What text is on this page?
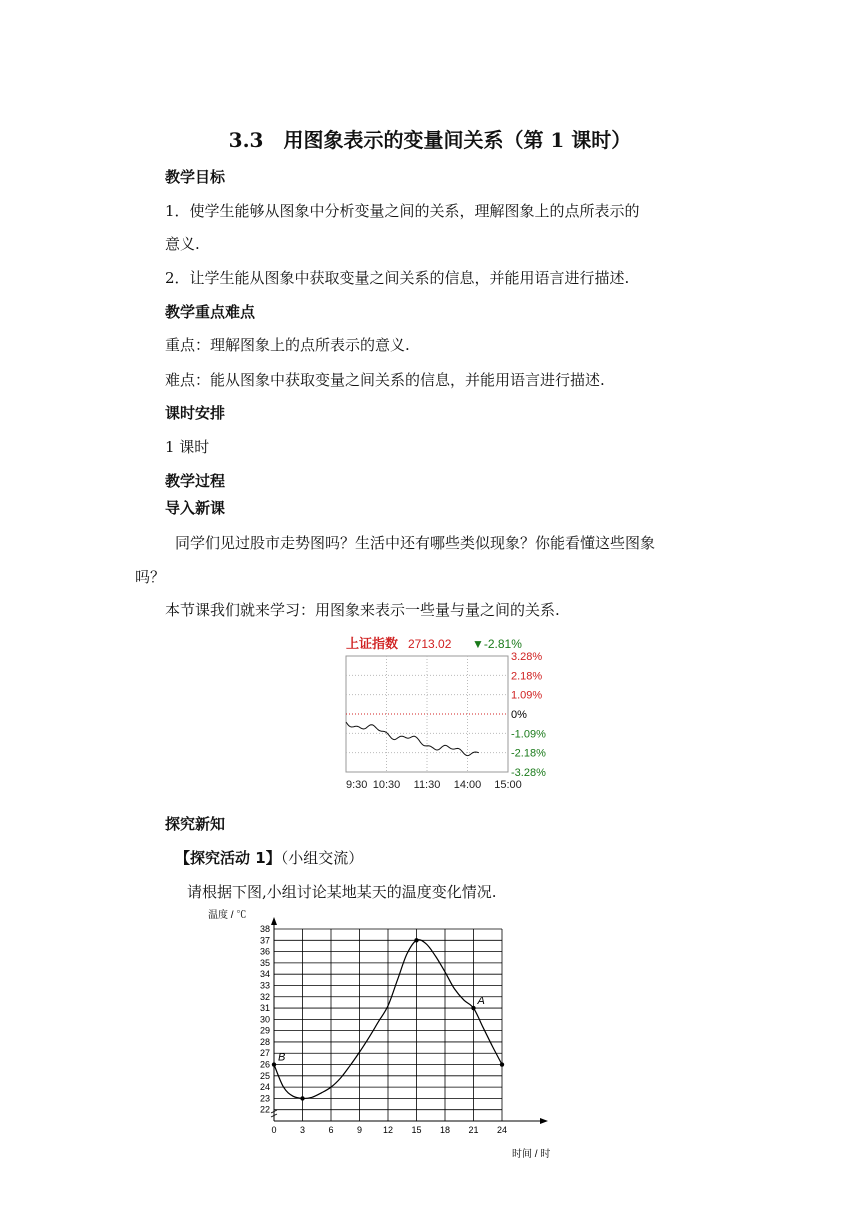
3.3　用图象表示的变量间关系（第 1 课时）
教学目标
1．使学生能够从图象中分析变量之间的关系，理解图象上的点所表示的
意义.
2．让学生能从图象中获取变量之间关系的信息，并能用语言进行描述.
教学重点难点
重点：理解图象上的点所表示的意义.
难点：能从图象中获取变量之间关系的信息，并能用语言进行描述.
课时安排
1 课时
教学过程
导入新课
同学们见过股市走势图吗？生活中还有哪些类似现象？你能看懂这些图象
吗？
本节课我们就来学习：用图象来表示一些量与量之间的关系.
上证指数 2713.02 ▼-2.81%
3.28%
2.18%
1.09%
0%
-1.09%
-2.18%
-3.28%
9:30 10:30 11:30 14:00 15:00
探究新知
【探究活动 1】（小组交流）
请根据下图,小组讨论某地某天的温度变化情况.
温度 / ℃
时间 / 时
0	3	6	9 12 15 18 21 24
22
23
24
25
26
27
28
29
30
31
32
33
34
35
36
37
38
B
A
